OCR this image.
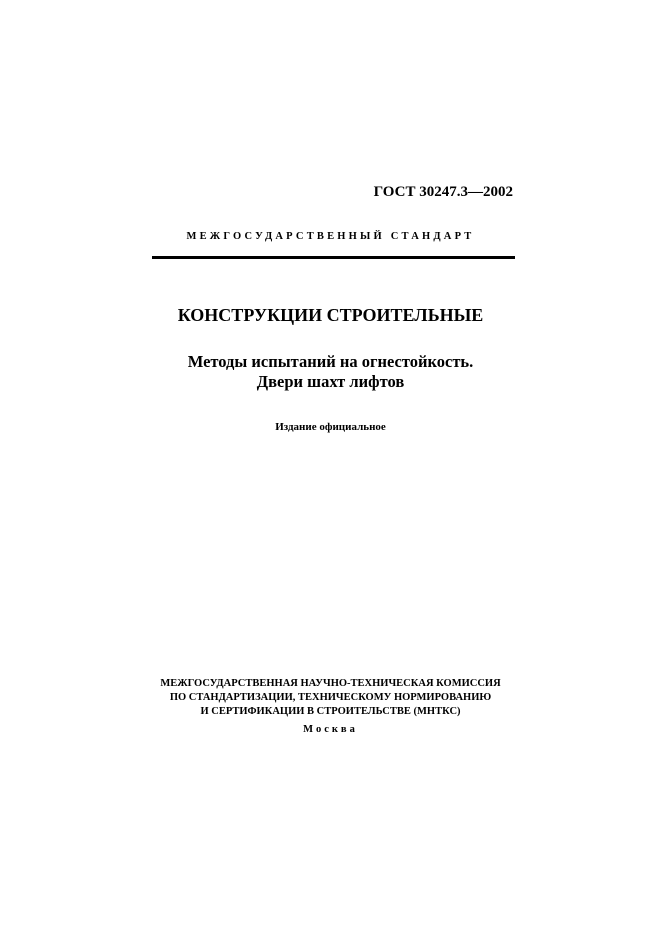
ГОСТ 30247.3—2002
МЕЖГОСУДАРСТВЕННЫЙ СТАНДАРТ
КОНСТРУКЦИИ СТРОИТЕЛЬНЫЕ
Методы испытаний на огнестойкость.
Двери шахт лифтов
Издание официальное
МЕЖГОСУДАРСТВЕННАЯ НАУЧНО-ТЕХНИЧЕСКАЯ КОМИССИЯ
ПО СТАНДАРТИЗАЦИИ, ТЕХНИЧЕСКОМУ НОРМИРОВАНИЮ
И СЕРТИФИКАЦИИ В СТРОИТЕЛЬСТВЕ (МНТКС)
Москва
